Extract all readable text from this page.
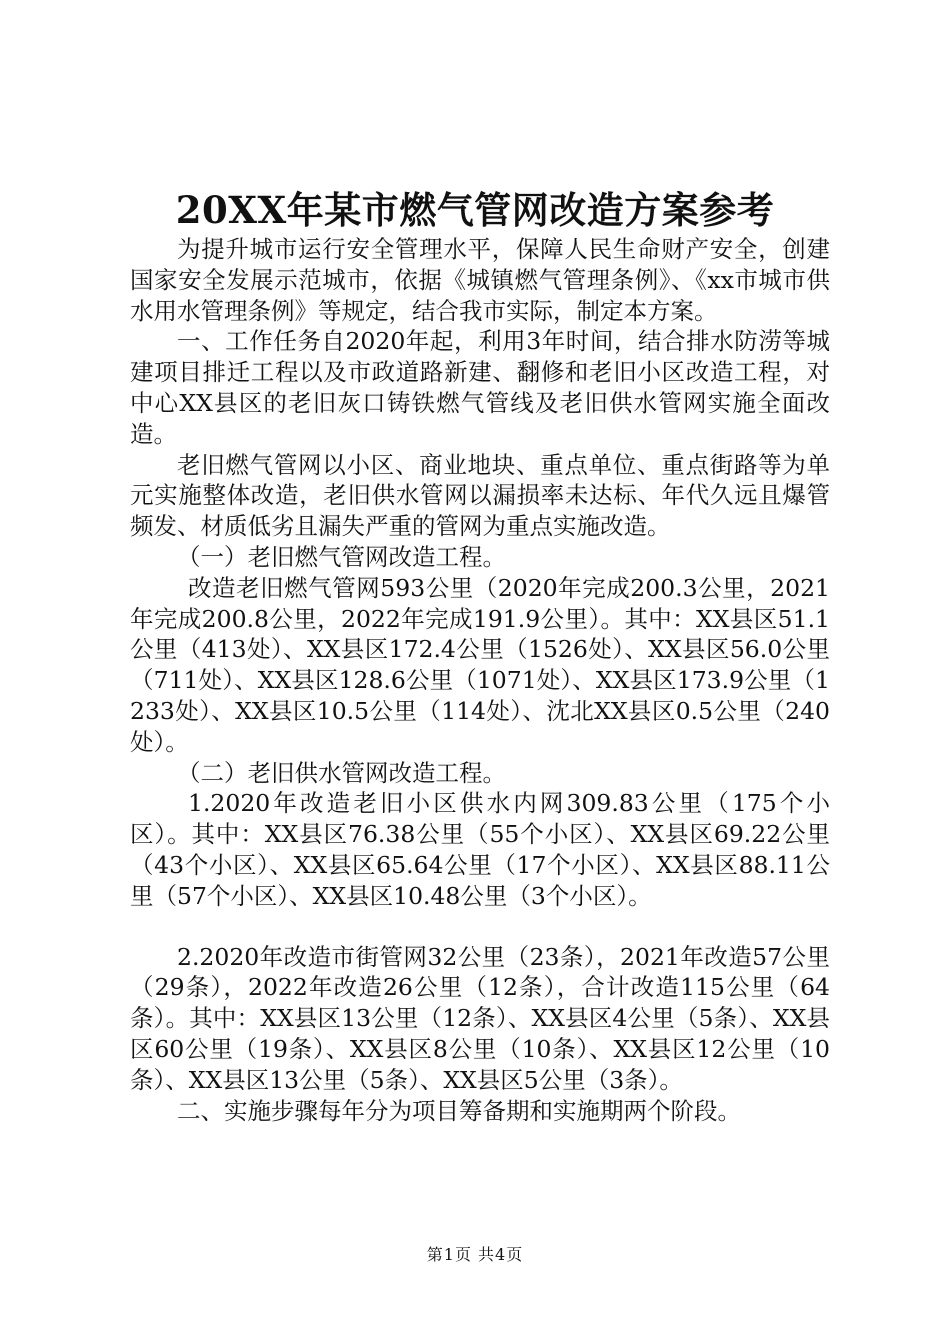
20XX年某市燃气管网改造方案参考

为提升城市运行安全管理水平，保障人民生命财产安全，创建国家安全发展示范城市，依据《城镇燃气管理条例》、《xx市城市供水用水管理条例》等规定，结合我市实际，制定本方案。

一、工作任务自2020年起，利用3年时间，结合排水防涝等城建项目排迁工程以及市政道路新建、翻修和老旧小区改造工程，对中心XX县区的老旧灰口铸铁燃气管线及老旧供水管网实施全面改造。

老旧燃气管网以小区、商业地块、重点单位、重点街路等为单元实施整体改造，老旧供水管网以漏损率未达标、年代久远且爆管频发、材质低劣且漏失严重的管网为重点实施改造。

（一）老旧燃气管网改造工程。

改造老旧燃气管网593公里（2020年完成200.3公里，2021年完成200.8公里，2022年完成191.9公里）。其中：XX县区51.1公里（413处）、XX县区172.4公里（1526处）、XX县区56.0公里（711处）、XX县区128.6公里（1071处）、XX县区173.9公里（1233处）、XX县区10.5公里（114处）、沈北XX县区0.5公里（240处）。

（二）老旧供水管网改造工程。

1.2020年改造老旧小区供水内网309.83公里（175个小区）。其中：XX县区76.38公里（55个小区）、XX县区69.22公里（43个小区）、XX县区65.64公里（17个小区）、XX县区88.11公里（57个小区）、XX县区10.48公里（3个小区）。

2.2020年改造市街管网32公里（23条），2021年改造57公里（29条），2022年改造26公里（12条），合计改造115公里（64条）。其中：XX县区13公里（12条）、XX县区4公里（5条）、XX县区60公里（19条）、XX县区8公里（10条）、XX县区12公里（10条）、XX县区13公里（5条）、XX县区5公里（3条）。

二、实施步骤每年分为项目筹备期和实施期两个阶段。

第1页 共4页
